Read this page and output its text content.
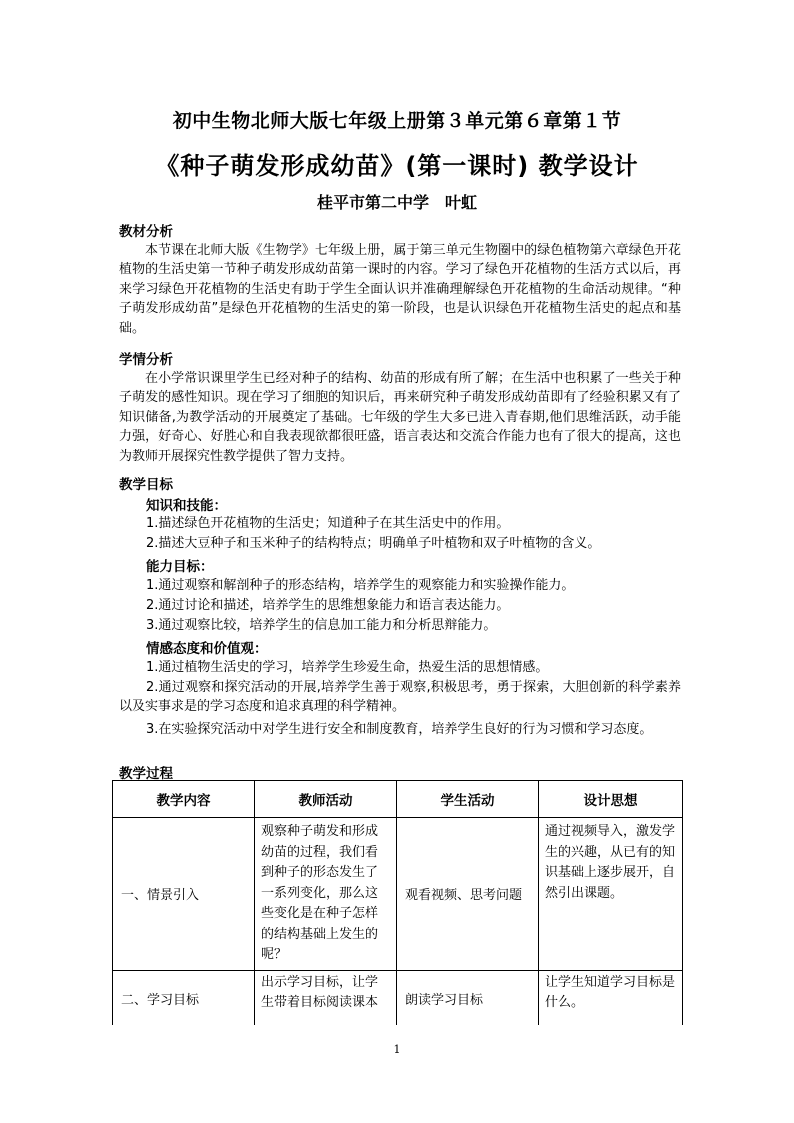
初中生物北师大版七年级上册第３单元第６章第１节
《种子萌发形成幼苗》(第一课时) 教学设计
桂平市第二中学　叶虹
教材分析

本节课在北师大版《生物学》七年级上册，属于第三单元生物圈中的绿色植物第六章绿色开花植物的生活史第一节种子萌发形成幼苗第一课时的内容。学习了绿色开花植物的生活方式以后，再来学习绿色开花植物的生活史有助于学生全面认识并准确理解绿色开花植物的生命活动规律。“种子萌发形成幼苗”是绿色开花植物的生活史的第一阶段，也是认识绿色开花植物生活史的起点和基础。

学情分析

在小学常识课里学生已经对种子的结构、幼苗的形成有所了解；在生活中也积累了一些关于种子萌发的感性知识。现在学习了细胞的知识后，再来研究种子萌发形成幼苗即有了经验积累又有了知识储备,为教学活动的开展奠定了基础。七年级的学生大多已进入青春期,他们思维活跃，动手能力强，好奇心、好胜心和自我表现欲都很旺盛，语言表达和交流合作能力也有了很大的提高，这也为教师开展探究性教学提供了智力支持。

教学目标
知识和技能：
1.描述绿色开花植物的生活史；知道种子在其生活史中的作用。
2.描述大豆种子和玉米种子的结构特点；明确单子叶植物和双子叶植物的含义。
能力目标：
1.通过观察和解剖种子的形态结构，培养学生的观察能力和实验操作能力。
2.通过讨论和描述，培养学生的思维想象能力和语言表达能力。
3.通过观察比较，培养学生的信息加工能力和分析思辩能力。
情感态度和价值观：
1.通过植物生活史的学习，培养学生珍爱生命，热爱生活的思想情感。

2.通过观察和探究活动的开展,培养学生善于观察,积极思考，勇于探索，大胆创新的科学素养以及实事求是的学习态度和追求真理的科学精神。

3.在实验探究活动中对学生进行安全和制度教育，培养学生良好的行为习惯和学习态度。

教学过程
教学内容	教师活动	学生活动	设计思想
一、情景引入	观察种子萌发和形成幼苗的过程，我们看到种子的形态发生了一系列变化，那么这些变化是在种子怎样的结构基础上发生的呢？	观看视频、思考问题	通过视频导入，激发学生的兴趣，从已有的知识基础上逐步展开，自然引出课题。
二、学习目标	出示学习目标，让学生带着目标阅读课本	朗读学习目标	让学生知道学习目标是什么。
1
